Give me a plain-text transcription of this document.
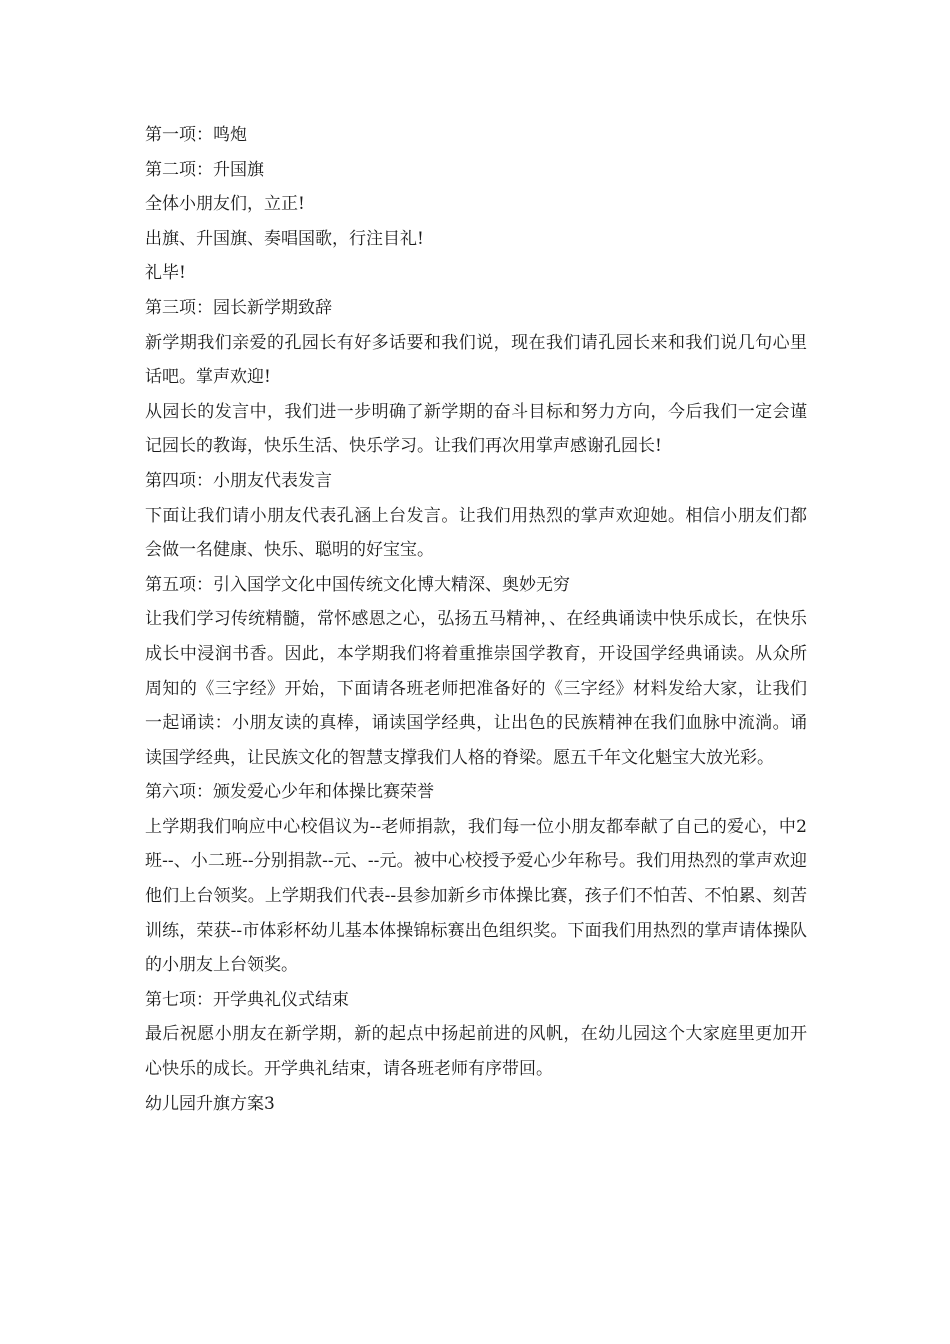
第一项：鸣炮

第二项：升国旗

全体小朋友们，立正!

出旗、升国旗、奏唱国歌，行注目礼!

礼毕!

第三项：园长新学期致辞

新学期我们亲爱的孔园长有好多话要和我们说，现在我们请孔园长来和我们说几句心里话吧。掌声欢迎!

从园长的发言中，我们进一步明确了新学期的奋斗目标和努力方向，今后我们一定会谨记园长的教诲，快乐生活、快乐学习。让我们再次用掌声感谢孔园长!

第四项：小朋友代表发言

下面让我们请小朋友代表孔涵上台发言。让我们用热烈的掌声欢迎她。相信小朋友们都会做一名健康、快乐、聪明的好宝宝。

第五项：引入国学文化中国传统文化博大精深、奥妙无穷

让我们学习传统精髓，常怀感恩之心，弘扬五马精神，、在经典诵读中快乐成长，在快乐成长中浸润书香。因此，本学期我们将着重推崇国学教育，开设国学经典诵读。从众所周知的《三字经》开始，下面请各班老师把准备好的《三字经》材料发给大家，让我们一起诵读：小朋友读的真棒，诵读国学经典，让出色的民族精神在我们血脉中流淌。诵读国学经典，让民族文化的智慧支撑我们人格的脊梁。愿五千年文化魁宝大放光彩。

第六项：颁发爱心少年和体操比赛荣誉

上学期我们响应中心校倡议为--老师捐款，我们每一位小朋友都奉献了自己的爱心，中2班--、小二班--分别捐款--元、--元。被中心校授予爱心少年称号。我们用热烈的掌声欢迎他们上台领奖。上学期我们代表--县参加新乡市体操比赛，孩子们不怕苦、不怕累、刻苦训练，荣获--市体彩杯幼儿基本体操锦标赛出色组织奖。下面我们用热烈的掌声请体操队的小朋友上台领奖。

第七项：开学典礼仪式结束

最后祝愿小朋友在新学期，新的起点中扬起前进的风帆，在幼儿园这个大家庭里更加开心快乐的成长。开学典礼结束，请各班老师有序带回。

幼儿园升旗方案3
